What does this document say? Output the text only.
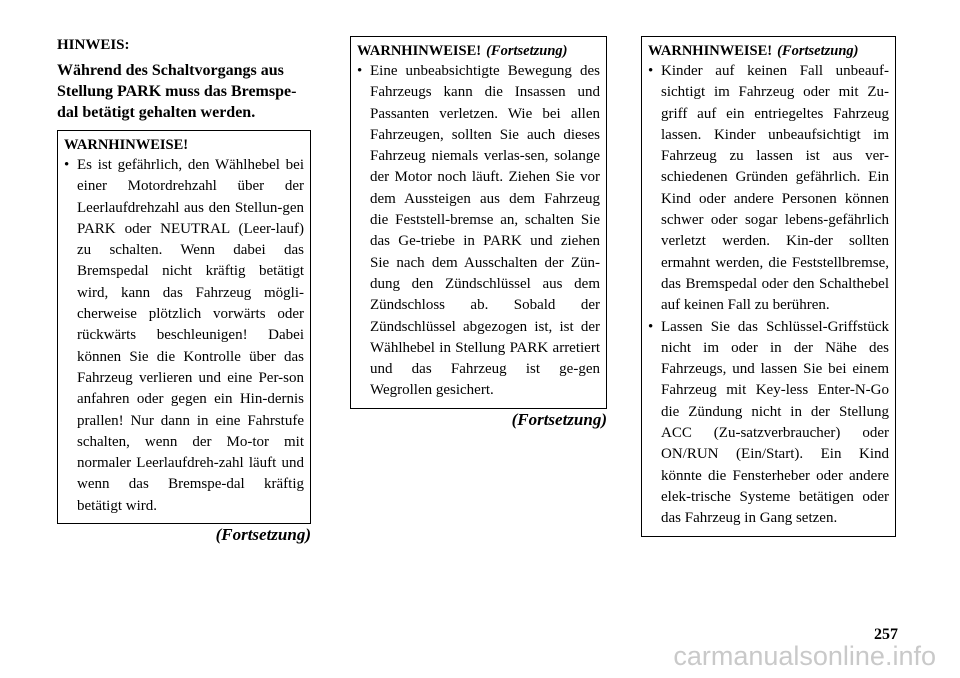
HINWEIS:
Während des Schaltvorgangs aus Stellung PARK muss das Bremspe-dal betätigt gehalten werden.
WARNHINWEISE!
• Es ist gefährlich, den Wählhebel bei einer Motordrehzahl über der Leerlaufdrehzahl aus den Stellun-gen PARK oder NEUTRAL (Leer-lauf) zu schalten. Wenn dabei das Bremspedal nicht kräftig betätigt wird, kann das Fahrzeug mögli-cherweise plötzlich vorwärts oder rückwärts beschleunigen! Dabei können Sie die Kontrolle über das Fahrzeug verlieren und eine Per-son anfahren oder gegen ein Hin-dernis prallen! Nur dann in eine Fahrstufe schalten, wenn der Mo-tor mit normaler Leerlaufdreh-zahl läuft und wenn das Bremspe-dal kräftig betätigt wird.
(Fortsetzung)
WARNHINWEISE! (Fortsetzung)
• Eine unbeabsichtigte Bewegung des Fahrzeugs kann die Insassen und Passanten verletzen. Wie bei allen Fahrzeugen, sollten Sie auch dieses Fahrzeug niemals verlas-sen, solange der Motor noch läuft. Ziehen Sie vor dem Aussteigen aus dem Fahrzeug die Feststell-bremse an, schalten Sie das Ge-triebe in PARK und ziehen Sie nach dem Ausschalten der Zün-dung den Zündschlüssel aus dem Zündschloss ab. Sobald der Zündschlüssel abgezogen ist, ist der Wählhebel in Stellung PARK arretiert und das Fahrzeug ist ge-gen Wegrollen gesichert.
(Fortsetzung)
WARNHINWEISE! (Fortsetzung)
• Kinder auf keinen Fall unbeauf-sichtigt im Fahrzeug oder mit Zu-griff auf ein entriegeltes Fahrzeug lassen. Kinder unbeaufsichtigt im Fahrzeug zu lassen ist aus ver-schiedenen Gründen gefährlich. Ein Kind oder andere Personen können schwer oder sogar lebens-gefährlich verletzt werden. Kin-der sollten ermahnt werden, die Feststellbremse, das Bremspedal oder den Schalthebel auf keinen Fall zu berühren.
• Lassen Sie das Schlüssel-Griffstück nicht im oder in der Nähe des Fahrzeugs, und lassen Sie bei einem Fahrzeug mit Key-less Enter-N-Go die Zündung nicht in der Stellung ACC (Zu-satzverbraucher) oder ON/RUN (Ein/Start). Ein Kind könnte die Fensterheber oder andere elek-trische Systeme betätigen oder das Fahrzeug in Gang setzen.
257
carmanualsonline.info
